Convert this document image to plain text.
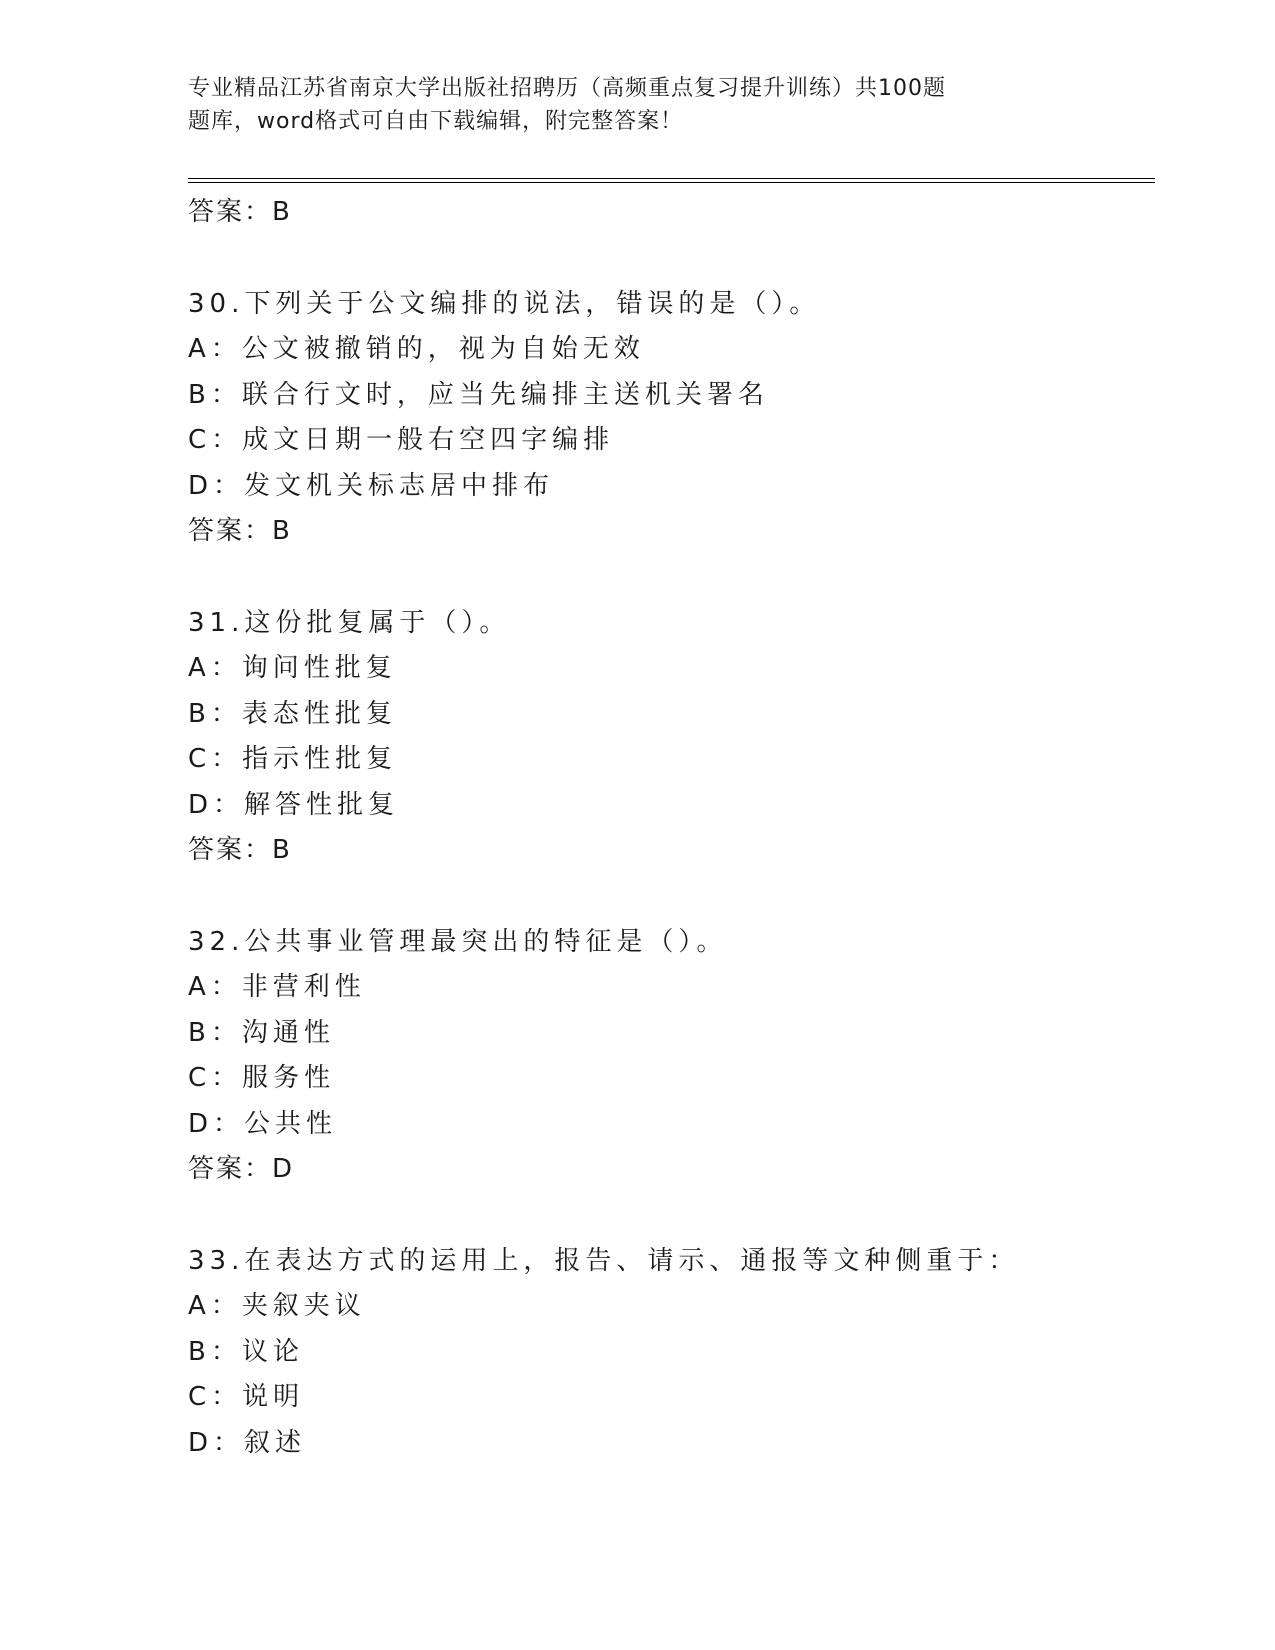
专业精品江苏省南京大学出版社招聘历（高频重点复习提升训练）共100题
题库，word格式可自由下载编辑，附完整答案！
答案：B
30.下列关于公文编排的说法，错误的是（）。
A：公文被撤销的，视为自始无效
B：联合行文时，应当先编排主送机关署名
C：成文日期一般右空四字编排
D：发文机关标志居中排布
答案：B
31.这份批复属于（）。
A：询问性批复
B：表态性批复
C：指示性批复
D：解答性批复
答案：B
32.公共事业管理最突出的特征是（）。
A：非营利性
B：沟通性
C：服务性
D：公共性
答案：D
33.在表达方式的运用上，报告、请示、通报等文种侧重于：
A：夹叙夹议
B：议论
C：说明
D：叙述
